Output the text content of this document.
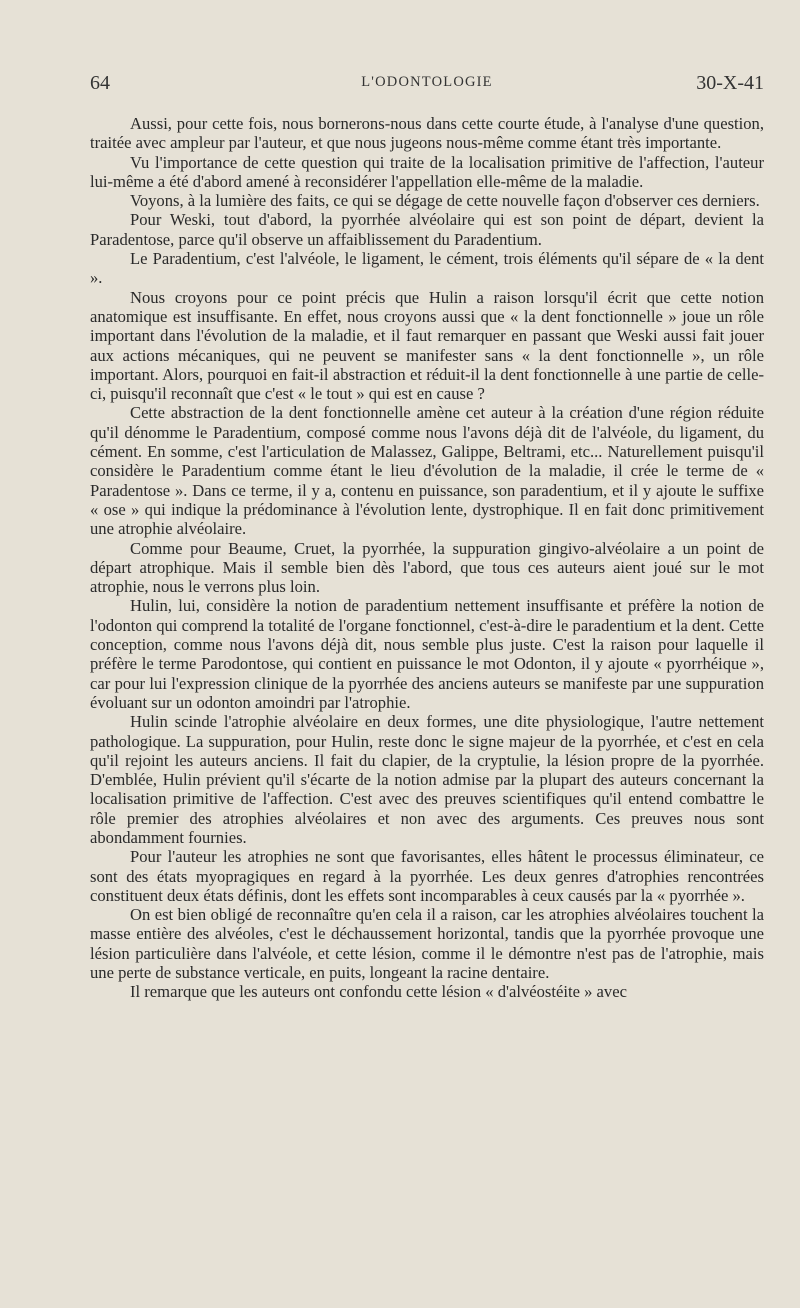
64	L'ODONTOLOGIE	30-X-41

Aussi, pour cette fois, nous bornerons-nous dans cette courte étude, à l'analyse d'une question, traitée avec ampleur par l'auteur, et que nous jugeons nous-même comme étant très importante.

Vu l'importance de cette question qui traite de la localisation primitive de l'affection, l'auteur lui-même a été d'abord amené à reconsidérer l'appellation elle-même de la maladie.

Voyons, à la lumière des faits, ce qui se dégage de cette nouvelle façon d'observer ces derniers.

Pour Weski, tout d'abord, la pyorrhée alvéolaire qui est son point de départ, devient la Paradentose, parce qu'il observe un affaiblissement du Paradentium.

Le Paradentium, c'est l'alvéole, le ligament, le cément, trois éléments qu'il sépare de « la dent ».

Nous croyons pour ce point précis que Hulin a raison lorsqu'il écrit que cette notion anatomique est insuffisante. En effet, nous croyons aussi que « la dent fonctionnelle » joue un rôle important dans l'évolution de la maladie, et il faut remarquer en passant que Weski aussi fait jouer aux actions mécaniques, qui ne peuvent se manifester sans « la dent fonctionnelle », un rôle important. Alors, pourquoi en fait-il abstraction et réduit-il la dent fonctionnelle à une partie de celle-ci, puisqu'il reconnaît que c'est « le tout » qui est en cause ?

Cette abstraction de la dent fonctionnelle amène cet auteur à la création d'une région réduite qu'il dénomme le Paradentium, composé comme nous l'avons déjà dit de l'alvéole, du ligament, du cément. En somme, c'est l'articulation de Malassez, Galippe, Beltrami, etc... Naturellement puisqu'il considère le Paradentium comme étant le lieu d'évolution de la maladie, il crée le terme de « Paradentose ». Dans ce terme, il y a, contenu en puissance, son paradentium, et il y ajoute le suffixe « ose » qui indique la prédominance à l'évolution lente, dystrophique. Il en fait donc primitivement une atrophie alvéolaire.

Comme pour Beaume, Cruet, la pyorrhée, la suppuration gingivo-alvéolaire a un point de départ atrophique. Mais il semble bien dès l'abord, que tous ces auteurs aient joué sur le mot atrophie, nous le verrons plus loin.

Hulin, lui, considère la notion de paradentium nettement insuffisante et préfère la notion de l'odonton qui comprend la totalité de l'organe fonctionnel, c'est-à-dire le paradentium et la dent. Cette conception, comme nous l'avons déjà dit, nous semble plus juste. C'est la raison pour laquelle il préfère le terme Parodontose, qui contient en puissance le mot Odonton, il y ajoute « pyorrhéique », car pour lui l'expression clinique de la pyorrhée des anciens auteurs se manifeste par une suppuration évoluant sur un odonton amoindri par l'atrophie.

Hulin scinde l'atrophie alvéolaire en deux formes, une dite physiologique, l'autre nettement pathologique. La suppuration, pour Hulin, reste donc le signe majeur de la pyorrhée, et c'est en cela qu'il rejoint les auteurs anciens. Il fait du clapier, de la cryptulie, la lésion propre de la pyorrhée. D'emblée, Hulin prévient qu'il s'écarte de la notion admise par la plupart des auteurs concernant la localisation primitive de l'affection. C'est avec des preuves scientifiques qu'il entend combattre le rôle premier des atrophies alvéolaires et non avec des arguments. Ces preuves nous sont abondamment fournies.

Pour l'auteur les atrophies ne sont que favorisantes, elles hâtent le processus éliminateur, ce sont des états myopragiques en regard à la pyorrhée. Les deux genres d'atrophies rencontrées constituent deux états définis, dont les effets sont incomparables à ceux causés par la « pyorrhée ».

On est bien obligé de reconnaître qu'en cela il a raison, car les atrophies alvéolaires touchent la masse entière des alvéoles, c'est le déchaussement horizontal, tandis que la pyorrhée provoque une lésion particulière dans l'alvéole, et cette lésion, comme il le démontre n'est pas de l'atrophie, mais une perte de substance verticale, en puits, longeant la racine dentaire.

Il remarque que les auteurs ont confondu cette lésion « d'alvéostéite » avec
